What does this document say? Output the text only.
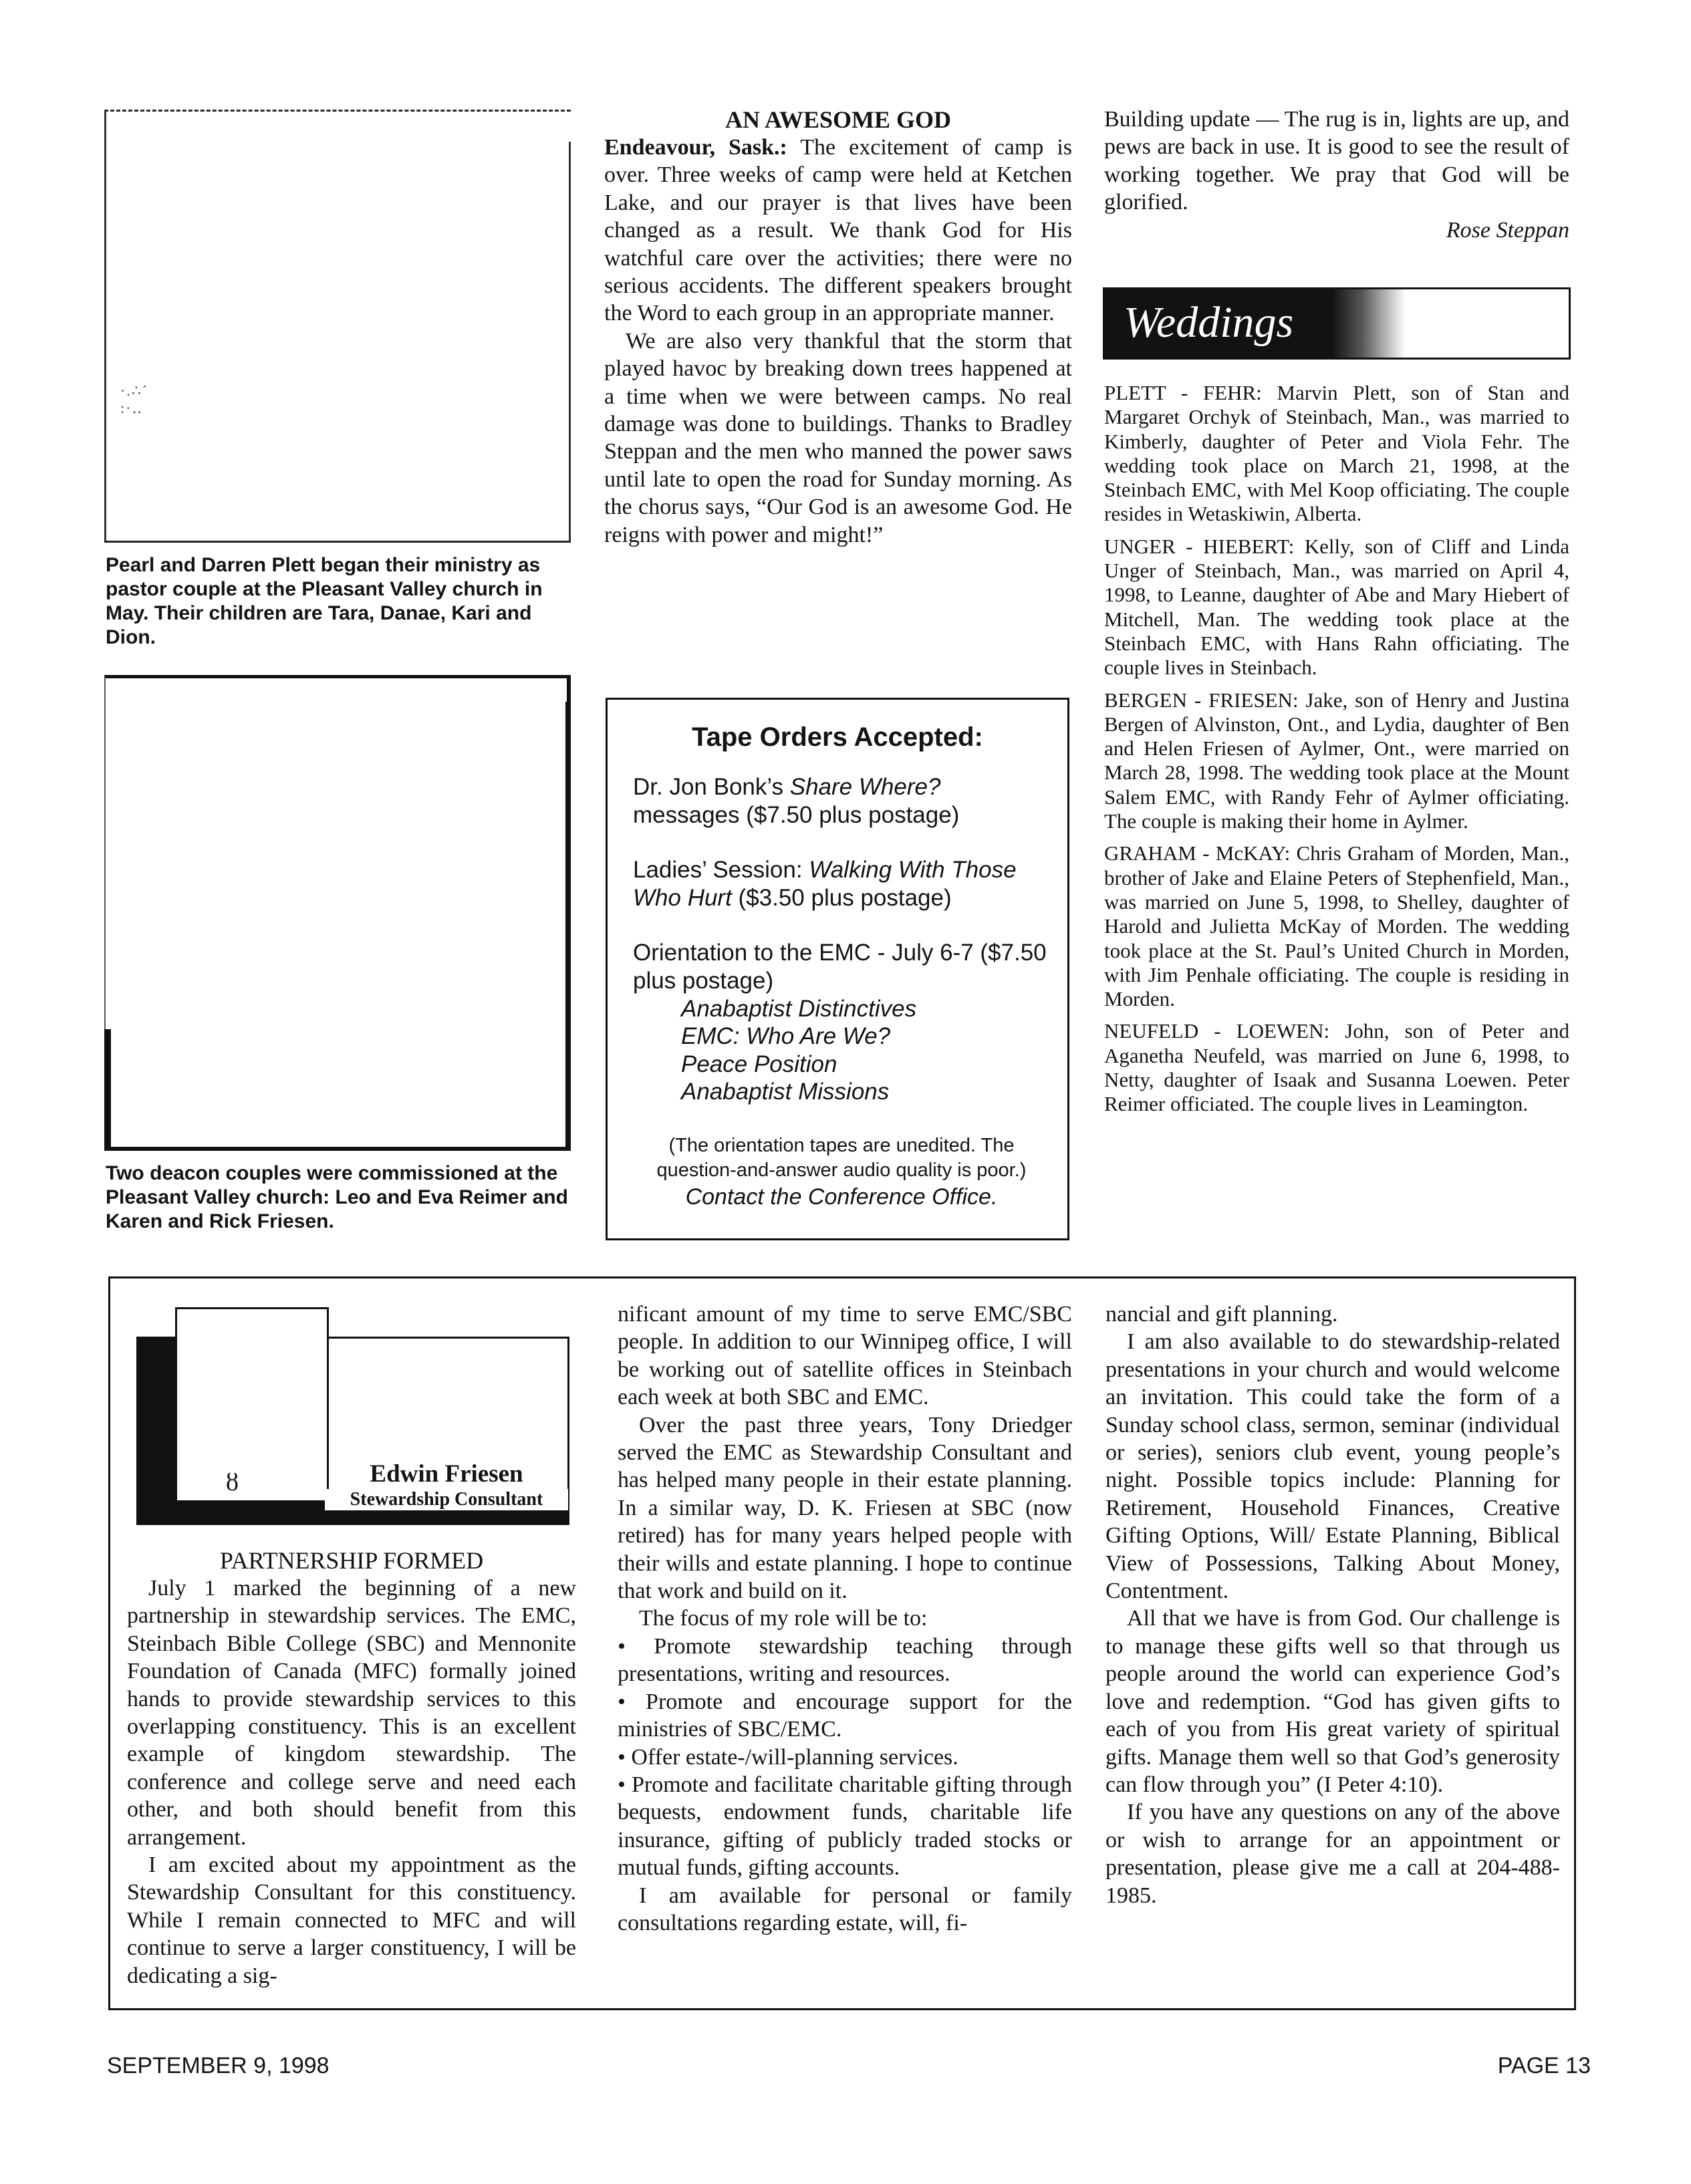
·.∴ˊ
:·‥
Pearl and Darren Plett began their ministry as pastor couple at the Pleasant Valley church in May. Their children are Tara, Danae, Kari and Dion.
Two deacon couples were commissioned at the Pleasant Valley church: Leo and Eva Reimer and Karen and Rick Friesen.
AN AWESOME GOD

Endeavour, Sask.: The excitement of camp is over. Three weeks of camp were held at Ketchen Lake, and our prayer is that lives have been changed as a result. We thank God for His watchful care over the activities; there were no serious accidents. The different speakers brought the Word to each group in an appropriate manner.

We are also very thankful that the storm that played havoc by breaking down trees happened at a time when we were between camps. No real damage was done to buildings. Thanks to Bradley Steppan and the men who manned the power saws until late to open the road for Sunday morning. As the chorus says, “Our God is an awesome God. He reigns with power and might!”

Tape Orders Accepted:
Dr. Jon Bonk’s Share Where? messages ($7.50 plus postage)
Ladies’ Session: Walking With Those Who Hurt ($3.50 plus postage)
Orientation to the EMC - July 6-7 ($7.50 plus postage)
Anabaptist Distinctives
EMC: Who Are We?
Peace Position
Anabaptist Missions
(The orientation tapes are unedited. The question-and-answer audio quality is poor.)
Contact the Conference Office.

Building update — The rug is in, lights are up, and pews are back in use. It is good to see the result of working together. We pray that God will be glorified.

Rose Steppan

Weddings

PLETT - FEHR: Marvin Plett, son of Stan and Margaret Orchyk of Steinbach, Man., was married to Kimberly, daughter of Peter and Viola Fehr. The wedding took place on March 21, 1998, at the Steinbach EMC, with Mel Koop officiating. The couple resides in Wetaskiwin, Alberta.

UNGER - HIEBERT: Kelly, son of Cliff and Linda Unger of Steinbach, Man., was married on April 4, 1998, to Leanne, daughter of Abe and Mary Hiebert of Mitchell, Man. The wedding took place at the Steinbach EMC, with Hans Rahn officiating. The couple lives in Steinbach.

BERGEN - FRIESEN: Jake, son of Henry and Justina Bergen of Alvinston, Ont., and Lydia, daughter of Ben and Helen Friesen of Aylmer, Ont., were married on March 28, 1998. The wedding took place at the Mount Salem EMC, with Randy Fehr of Aylmer officiating. The couple is making their home in Aylmer.

GRAHAM - McKAY: Chris Graham of Morden, Man., brother of Jake and Elaine Peters of Stephenfield, Man., was married on June 5, 1998, to Shelley, daughter of Harold and Julietta McKay of Morden. The wedding took place at the St. Paul’s United Church in Morden, with Jim Penhale officiating. The couple is residing in Morden.

NEUFELD - LOEWEN: John, son of Peter and Aganetha Neufeld, was married on June 6, 1998, to Netty, daughter of Isaak and Susanna Loewen. Peter Reimer officiated. The couple lives in Leamington.

ȣ	Edwin Friesen
Stewardship Consultant
PARTNERSHIP FORMED

July 1 marked the beginning of a new partnership in stewardship services. The EMC, Steinbach Bible College (SBC) and Mennonite Foundation of Canada (MFC) formally joined hands to provide stewardship services to this overlapping constituency. This is an excellent example of kingdom stewardship. The conference and college serve and need each other, and both should benefit from this arrangement.

I am excited about my appointment as the Stewardship Consultant for this constituency. While I remain connected to MFC and will continue to serve a larger constituency, I will be dedicating a sig-

nificant amount of my time to serve EMC/SBC people. In addition to our Winnipeg office, I will be working out of satellite offices in Steinbach each week at both SBC and EMC.

Over the past three years, Tony Driedger served the EMC as Stewardship Consultant and has helped many people in their estate planning. In a similar way, D. K. Friesen at SBC (now retired) has for many years helped people with their wills and estate planning. I hope to continue that work and build on it.

The focus of my role will be to:

• Promote stewardship teaching through presentations, writing and resources.

• Promote and encourage support for the ministries of SBC/EMC.

• Offer estate-/will-planning services.

• Promote and facilitate charitable gifting through bequests, endowment funds, charitable life insurance, gifting of publicly traded stocks or mutual funds, gifting accounts.

I am available for personal or family consultations regarding estate, will, fi-

nancial and gift planning.

I am also available to do stewardship-related presentations in your church and would welcome an invitation. This could take the form of a Sunday school class, sermon, seminar (individual or series), seniors club event, young people’s night. Possible topics include: Planning for Retirement, Household Finances, Creative Gifting Options, Will/ Estate Planning, Biblical View of Possessions, Talking About Money, Contentment.

All that we have is from God. Our challenge is to manage these gifts well so that through us people around the world can experience God’s love and redemption. “God has given gifts to each of you from His great variety of spiritual gifts. Manage them well so that God’s generosity can flow through you” (I Peter 4:10).

If you have any questions on any of the above or wish to arrange for an appointment or presentation, please give me a call at 204-488-1985.

SEPTEMBER 9, 1998	PAGE 13
